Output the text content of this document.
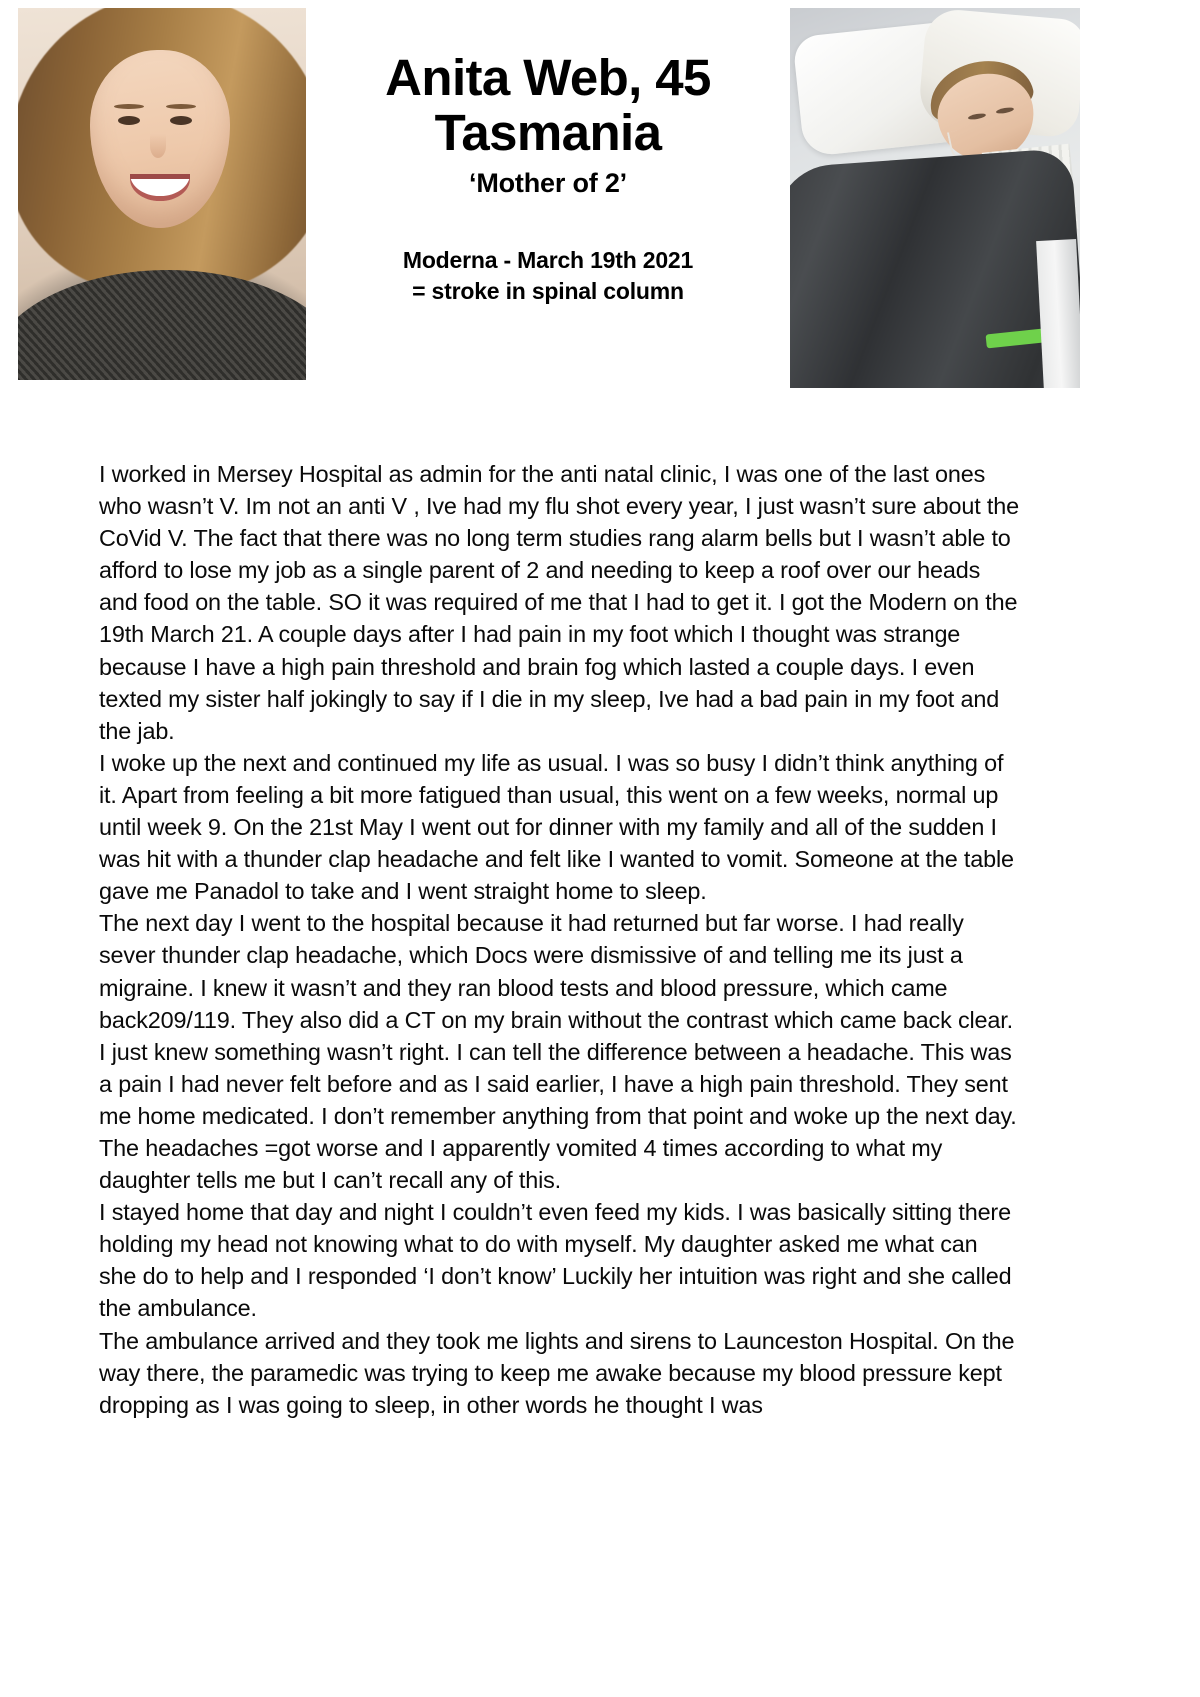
Anita Web, 45
Tasmania

‘Mother of 2’

Moderna - March 19th 2021
= stroke in spinal column

I worked in Mersey Hospital as admin for the anti natal clinic, I was one of the last ones who wasn’t V. Im not an anti V , Ive had my flu shot every year, I just wasn’t sure about the CoVid V. The fact that there was no long term studies rang alarm bells but I wasn’t able to afford to lose my job as a single parent of 2 and needing to keep a roof over our heads and food on the table. SO it was required of me that I had to get it. I got the Modern on the 19th March 21. A couple days after I had pain in my foot which I thought was strange because I have a high pain threshold and brain fog which lasted a couple days. I even texted my sister half jokingly to say if I die in my sleep, Ive had a bad pain in my foot and the jab.

I woke up the next and continued my life as usual. I was so busy I didn’t think anything of it. Apart from feeling a bit more fatigued than usual, this went on a few weeks, normal up until week 9. On the 21st May I went out for dinner with my family and all of the sudden I was hit with a thunder clap headache and felt like I wanted to vomit. Someone at the table gave me Panadol to take and I went straight home to sleep.

The next day I went to the hospital because it had returned but far worse. I had really sever thunder clap headache, which Docs were dismissive of and telling me its just a migraine. I knew it wasn’t and they ran blood tests and blood pressure, which came back209/119. They also did a CT on my brain without the contrast which came back clear.

I just knew something wasn’t right. I can tell the difference between a headache. This was a pain I had never felt before and as I said earlier, I have a high pain threshold. They sent me home medicated. I don’t remember anything from that point and woke up the next day. The headaches =got worse and I apparently vomited 4 times according to what my daughter tells me but I can’t recall any of this.

I stayed home that day and night I couldn’t even feed my kids. I was basically sitting there holding my head not knowing what to do with myself. My daughter asked me what can she do to help and I responded ‘I don’t know’ Luckily her intuition was right and she called the ambulance.

The ambulance arrived and they took me lights and sirens to Launceston Hospital. On the way there, the paramedic was trying to keep me awake because my blood pressure kept dropping as I was going to sleep, in other words he thought I was
